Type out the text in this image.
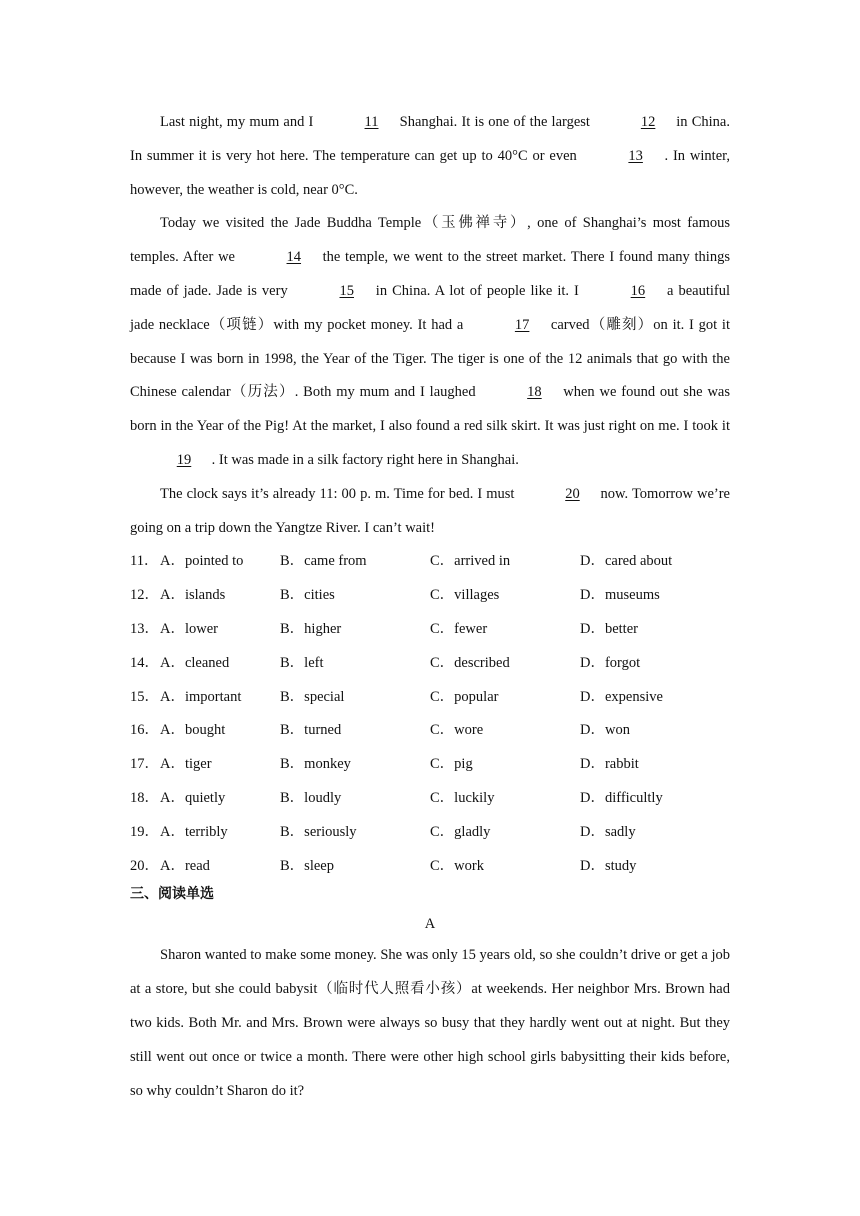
Last night, my mum and I	11 Shanghai. It is one of the largest	12 in China. In summer it is very hot here. The temperature can get up to 40°C or even	13 . In winter, however, the weather is cold, near 0°C.

Today we visited the Jade Buddha Temple（玉佛禅寺）, one of Shanghai’s most famous temples. After we	14 the temple, we went to the street market. There I found many things made of jade. Jade is very	15 in China. A lot of people like it. I	16 a beautiful jade necklace（项链）with my pocket money. It had a	17 carved（雕刻）on it. I got it because I was born in 1998, the Year of the Tiger. The tiger is one of the 12 animals that go with the Chinese calendar（历法）. Both my mum and I laughed	18 when we found out she was born in the Year of the Pig! At the market, I also found a red silk skirt. It was just right on me. I took it 19 . It was made in a silk factory right here in Shanghai.

The clock says it’s already 11: 00 p. m. Time for bed. I must	20 now. Tomorrow we’re going on a trip down the Yangtze River. I can’t wait!

11． A．pointed to	B．came from	C．arrived in	D．cared about
12． A．islands	B．cities	C．villages	D．museums
13． A．lower	B．higher	C．fewer	D．better
14． A．cleaned	B．left	C．described	D．forgot
15． A．important	B．special	C．popular	D．expensive
16． A．bought	B．turned	C．wore	D．won
17． A．tiger	B．monkey	C．pig	D．rabbit
18． A．quietly	B．loudly	C．luckily	D．difficultly
19． A．terribly	B．seriously	C．gladly	D．sadly
20． A．read	B．sleep	C．work	D．study
三、阅读单选
A

Sharon wanted to make some money. She was only 15 years old, so she couldn’t drive or get a job at a store, but she could babysit（临时代人照看小孩）at weekends. Her neighbor Mrs. Brown had two kids. Both Mr. and Mrs. Brown were always so busy that they hardly went out at night. But they still went out once or twice a month. There were other high school girls babysitting their kids before, so why couldn’t Sharon do it?
